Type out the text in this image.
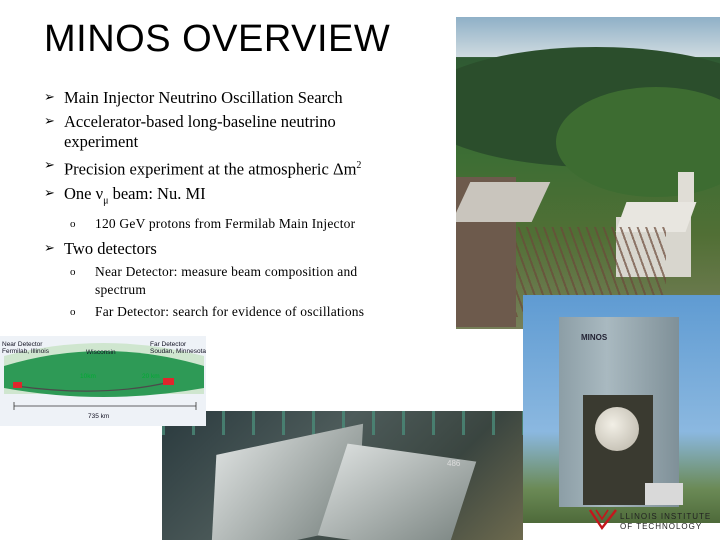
MINOS OVERVIEW
➢ Main Injector Neutrino Oscillation Search
➢ Accelerator-based long-baseline neutrino
experiment
➢ Precision experiment at the atmospheric $\Delta m^2$
➢ One $\nu_\mu$ beam: Nu. MI
o 120 GeV protons from Fermilab Main Injector
➢ Two detectors
o Near Detector: measure beam composition and
spectrum
o Far Detector: search for evidence of oscillations
MINOS
486
Near Detector
Fermilab, Illinois	Wisconsin
Far Detector
Soudan, Minnesota
10km	20 km
735 km
LLINOIS INSTITUTE
OF TECHNOLOGY
